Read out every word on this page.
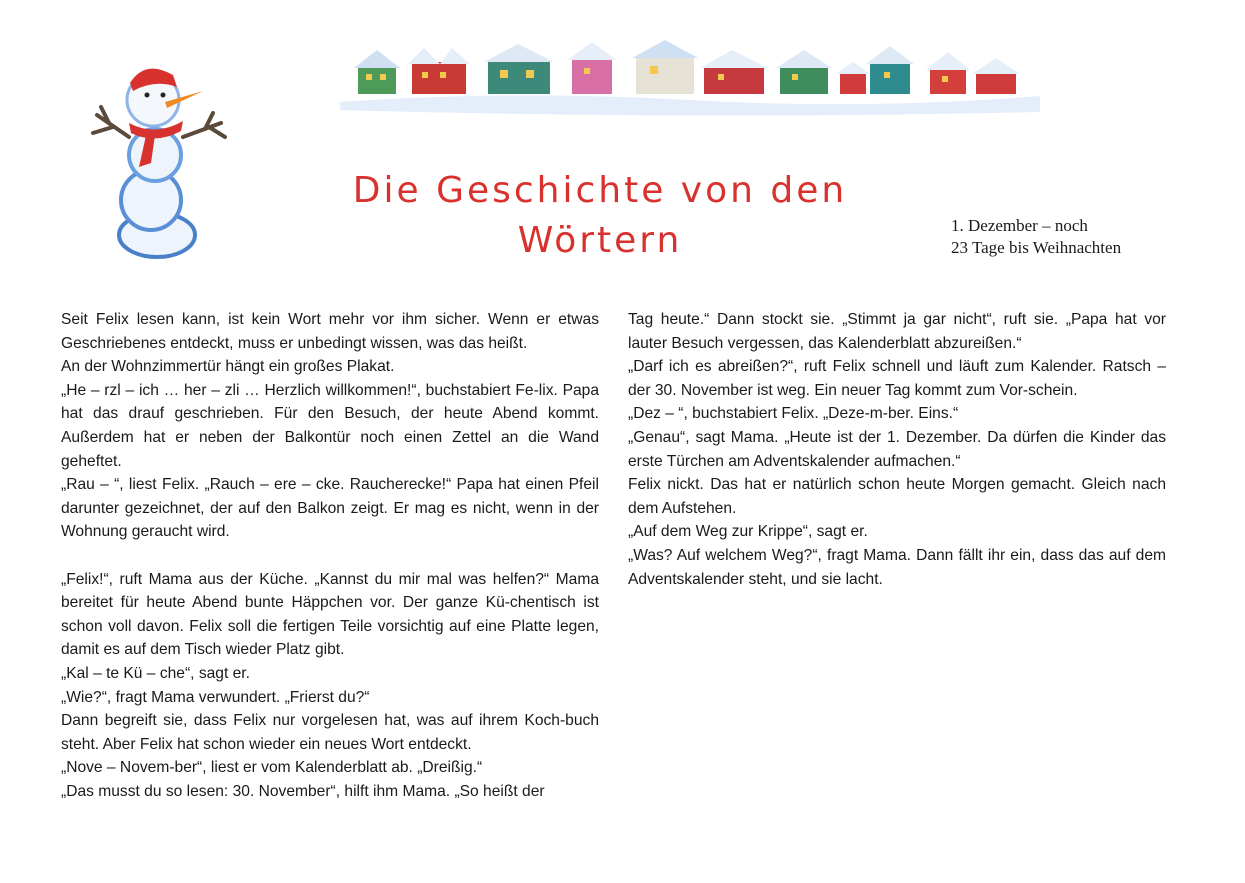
Die Geschichte von den
Wörtern	1. Dezember – noch
23 Tage bis Weihnachten

Seit Felix lesen kann, ist kein Wort mehr vor ihm sicher. Wenn er etwas Geschriebenes entdeckt, muss er unbedingt wissen, was das heißt.

An der Wohnzimmertür hängt ein großes Plakat.

„He – rzl – ich … her – zli … Herzlich willkommen!“, buchstabiert Fe-lix. Papa hat das drauf geschrieben. Für den Besuch, der heute Abend kommt. Außerdem hat er neben der Balkontür noch einen Zettel an die Wand geheftet.

„Rau – “, liest Felix. „Rauch – ere – cke. Raucherecke!“ Papa hat einen Pfeil darunter gezeichnet, der auf den Balkon zeigt. Er mag es nicht, wenn in der Wohnung geraucht wird.

„Felix!“, ruft Mama aus der Küche. „Kannst du mir mal was helfen?“ Mama bereitet für heute Abend bunte Häppchen vor. Der ganze Kü-chentisch ist schon voll davon. Felix soll die fertigen Teile vorsichtig auf eine Platte legen, damit es auf dem Tisch wieder Platz gibt.

„Kal – te Kü – che“, sagt er.

„Wie?“, fragt Mama verwundert. „Frierst du?“

Dann begreift sie, dass Felix nur vorgelesen hat, was auf ihrem Koch-buch steht. Aber Felix hat schon wieder ein neues Wort entdeckt.

„Nove – Novem-ber“, liest er vom Kalenderblatt ab. „Dreißig.“

„Das musst du so lesen: 30. November“, hilft ihm Mama. „So heißt der

Tag heute.“ Dann stockt sie. „Stimmt ja gar nicht“, ruft sie. „Papa hat vor lauter Besuch vergessen, das Kalenderblatt abzureißen.“

„Darf ich es abreißen?“, ruft Felix schnell und läuft zum Kalender. Ratsch – der 30. November ist weg. Ein neuer Tag kommt zum Vor-schein.

„Dez – “, buchstabiert Felix. „Deze-m-ber. Eins.“

„Genau“, sagt Mama. „Heute ist der 1. Dezember. Da dürfen die Kinder das erste Türchen am Adventskalender aufmachen.“

Felix nickt. Das hat er natürlich schon heute Morgen gemacht. Gleich nach dem Aufstehen.

„Auf dem Weg zur Krippe“, sagt er.

„Was? Auf welchem Weg?“, fragt Mama. Dann fällt ihr ein, dass das auf dem Adventskalender steht, und sie lacht.
